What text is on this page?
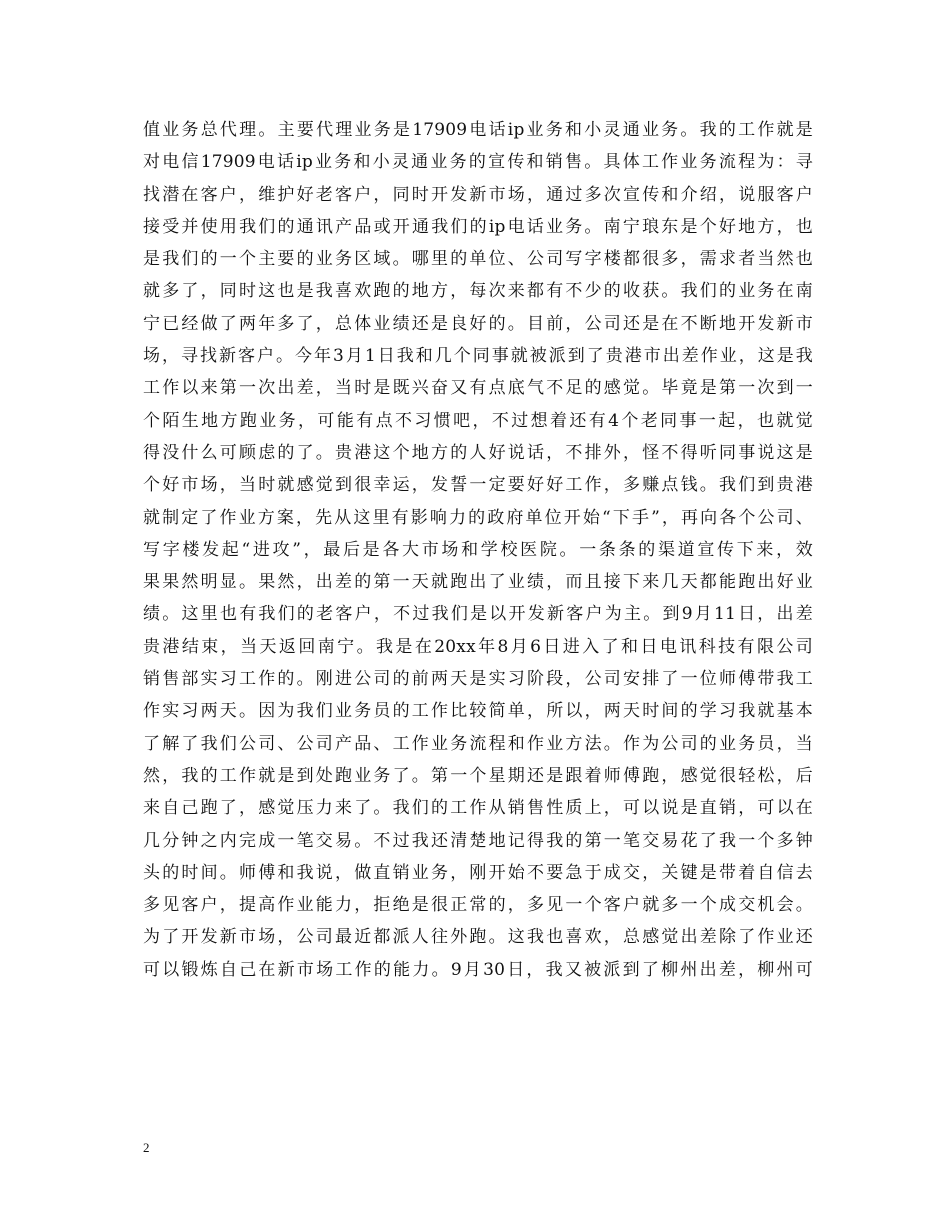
值业务总代理。主要代理业务是17909电话ip业务和小灵通业务。我的工作就是
对电信17909电话ip业务和小灵通业务的宣传和销售。具体工作业务流程为：寻
找潜在客户，维护好老客户，同时开发新市场，通过多次宣传和介绍，说服客户
接受并使用我们的通讯产品或开通我们的ip电话业务。南宁琅东是个好地方，也
是我们的一个主要的业务区域。哪里的单位、公司写字楼都很多，需求者当然也
就多了，同时这也是我喜欢跑的地方，每次来都有不少的收获。我们的业务在南
宁已经做了两年多了，总体业绩还是良好的。目前，公司还是在不断地开发新市
场，寻找新客户。今年3月1日我和几个同事就被派到了贵港市出差作业，这是我
工作以来第一次出差，当时是既兴奋又有点底气不足的感觉。毕竟是第一次到一
个陌生地方跑业务，可能有点不习惯吧，不过想着还有4个老同事一起，也就觉
得没什么可顾虑的了。贵港这个地方的人好说话，不排外，怪不得听同事说这是
个好市场，当时就感觉到很幸运，发誓一定要好好工作，多赚点钱。我们到贵港
就制定了作业方案，先从这里有影响力的政府单位开始“下手”，再向各个公司、
写字楼发起“进攻”，最后是各大市场和学校医院。一条条的渠道宣传下来，效
果果然明显。果然，出差的第一天就跑出了业绩，而且接下来几天都能跑出好业
绩。这里也有我们的老客户，不过我们是以开发新客户为主。到9月11日，出差
贵港结束，当天返回南宁。我是在20xx年8月6日进入了和日电讯科技有限公司
销售部实习工作的。刚进公司的前两天是实习阶段，公司安排了一位师傅带我工
作实习两天。因为我们业务员的工作比较简单，所以，两天时间的学习我就基本
了解了我们公司、公司产品、工作业务流程和作业方法。作为公司的业务员，当
然，我的工作就是到处跑业务了。第一个星期还是跟着师傅跑，感觉很轻松，后
来自己跑了，感觉压力来了。我们的工作从销售性质上，可以说是直销，可以在
几分钟之内完成一笔交易。不过我还清楚地记得我的第一笔交易花了我一个多钟
头的时间。师傅和我说，做直销业务，刚开始不要急于成交，关键是带着自信去
多见客户，提高作业能力，拒绝是很正常的，多见一个客户就多一个成交机会。
为了开发新市场，公司最近都派人往外跑。这我也喜欢，总感觉出差除了作业还
可以锻炼自己在新市场工作的能力。9月30日，我又被派到了柳州出差，柳州可
2
